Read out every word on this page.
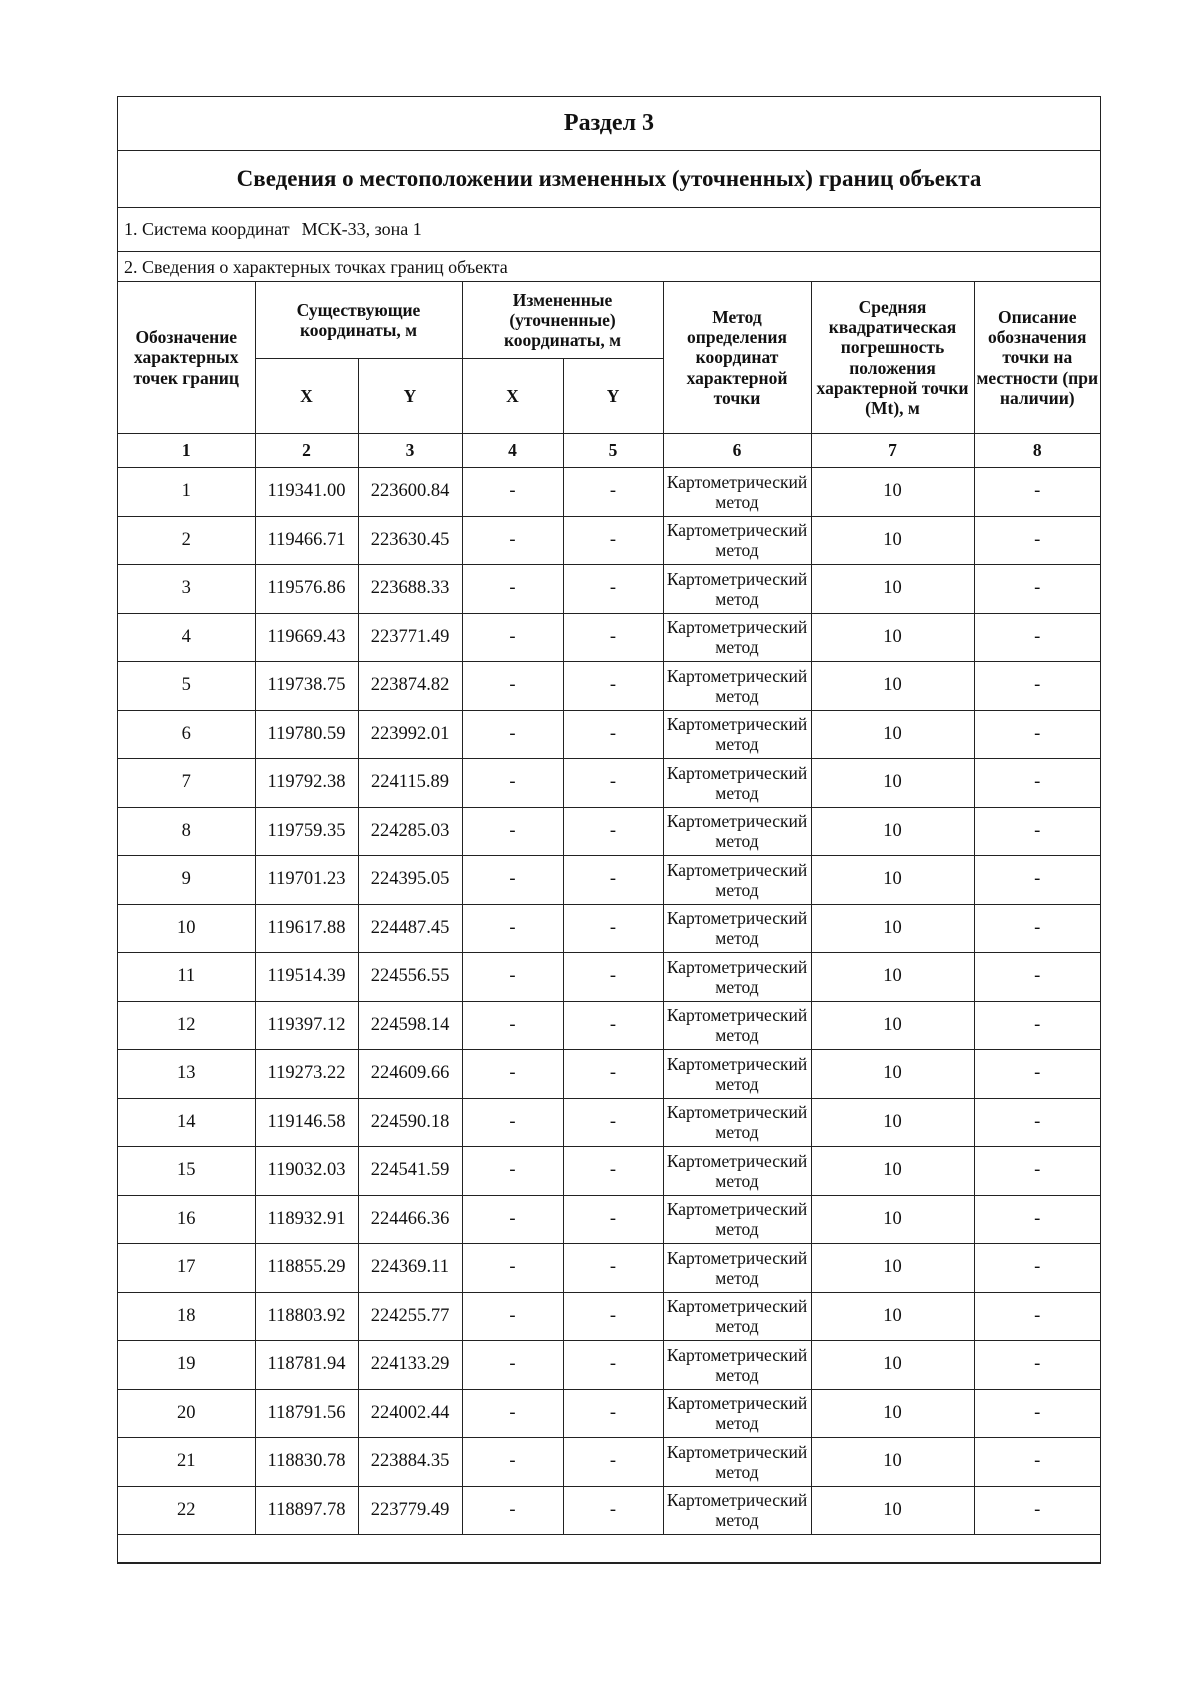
Раздел 3
Сведения о местоположении измененных (уточненных) границ объекта
1. Система координат МСК-33, зона 1
2. Сведения о характерных точках границ объекта
Обозначение характерных точек границ	Существующие координаты, м		Измененные (уточненные) координаты, м		Метод определения координат характерной точки	Средняя квадратическая погрешность положения характерной точки (Mt), м	Описание обозначения точки на местности (при наличии)
	X	Y	X	Y			
1	2	3	4	5	6	7	8
1	119341.00	223600.84	-	-	Картометрический метод	10	-
2	119466.71	223630.45	-	-	Картометрический метод	10	-
3	119576.86	223688.33	-	-	Картометрический метод	10	-
4	119669.43	223771.49	-	-	Картометрический метод	10	-
5	119738.75	223874.82	-	-	Картометрический метод	10	-
6	119780.59	223992.01	-	-	Картометрический метод	10	-
7	119792.38	224115.89	-	-	Картометрический метод	10	-
8	119759.35	224285.03	-	-	Картометрический метод	10	-
9	119701.23	224395.05	-	-	Картометрический метод	10	-
10	119617.88	224487.45	-	-	Картометрический метод	10	-
11	119514.39	224556.55	-	-	Картометрический метод	10	-
12	119397.12	224598.14	-	-	Картометрический метод	10	-
13	119273.22	224609.66	-	-	Картометрический метод	10	-
14	119146.58	224590.18	-	-	Картометрический метод	10	-
15	119032.03	224541.59	-	-	Картометрический метод	10	-
16	118932.91	224466.36	-	-	Картометрический метод	10	-
17	118855.29	224369.11	-	-	Картометрический метод	10	-
18	118803.92	224255.77	-	-	Картометрический метод	10	-
19	118781.94	224133.29	-	-	Картометрический метод	10	-
20	118791.56	224002.44	-	-	Картометрический метод	10	-
21	118830.78	223884.35	-	-	Картометрический метод	10	-
22	118897.78	223779.49	-	-	Картометрический метод	10	-
